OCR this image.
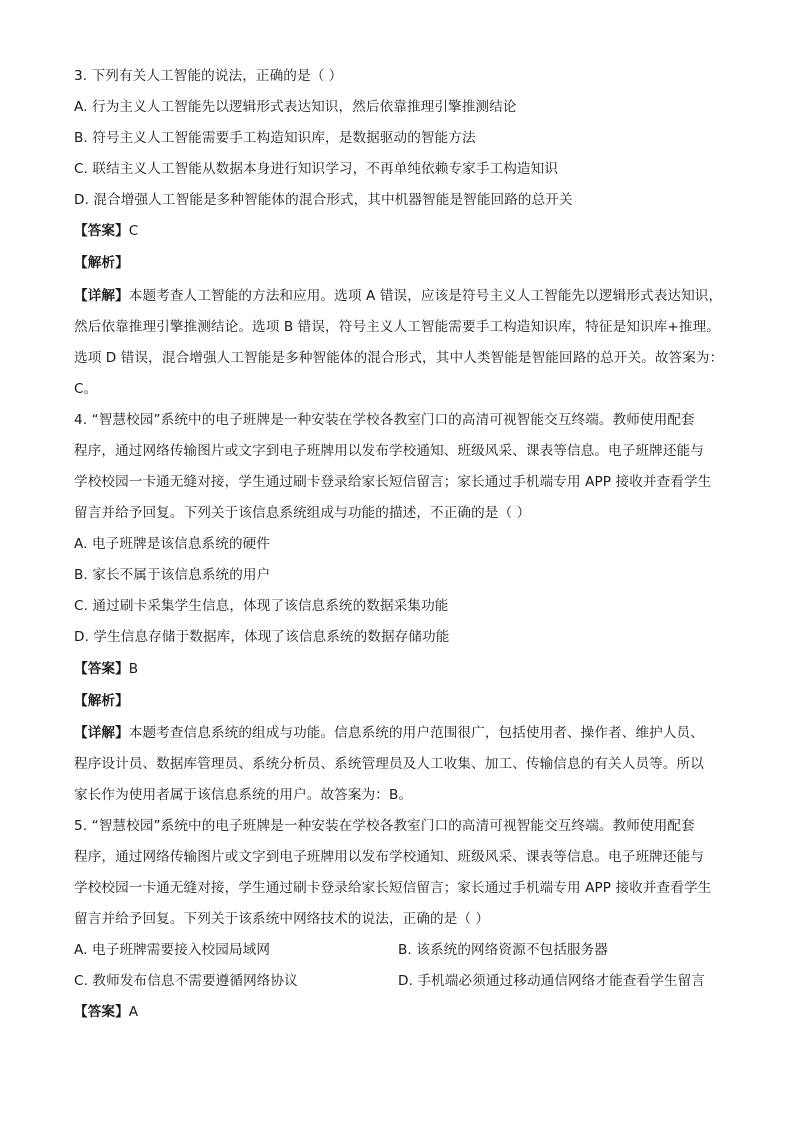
3. 下列有关人工智能的说法，正确的是（ ）
A. 行为主义人工智能先以逻辑形式表达知识，然后依靠推理引擎推测结论
B. 符号主义人工智能需要手工构造知识库，是数据驱动的智能方法
C. 联结主义人工智能从数据本身进行知识学习，不再单纯依赖专家手工构造知识
D. 混合增强人工智能是多种智能体的混合形式，其中机器智能是智能回路的总开关
【答案】C
【解析】
【详解】本题考查人工智能的方法和应用。选项 A 错误，应该是符号主义人工智能先以逻辑形式表达知识，
然后依靠推理引擎推测结论。选项 B 错误，符号主义人工智能需要手工构造知识库，特征是知识库+推理。
选项 D 错误，混合增强人工智能是多种智能体的混合形式，其中人类智能是智能回路的总开关。故答案为：
C。
4. “智慧校园”系统中的电子班牌是一种安装在学校各教室门口的高清可视智能交互终端。教师使用配套
程序，通过网络传输图片或文字到电子班牌用以发布学校通知、班级风采、课表等信息。电子班牌还能与
学校校园一卡通无缝对接，学生通过刷卡登录给家长短信留言；家长通过手机端专用 APP 接收并查看学生
留言并给予回复。下列关于该信息系统组成与功能的描述，不正确的是（ ）
A. 电子班牌是该信息系统的硬件
B. 家长不属于该信息系统的用户
C. 通过刷卡采集学生信息，体现了该信息系统的数据采集功能
D. 学生信息存储于数据库，体现了该信息系统的数据存储功能
【答案】B
【解析】
【详解】本题考查信息系统的组成与功能。信息系统的用户范围很广，包括使用者、操作者、维护人员、
程序设计员、数据库管理员、系统分析员、系统管理员及人工收集、加工、传输信息的有关人员等。所以
家长作为使用者属于该信息系统的用户。故答案为：B。
5. “智慧校园”系统中的电子班牌是一种安装在学校各教室门口的高清可视智能交互终端。教师使用配套
程序，通过网络传输图片或文字到电子班牌用以发布学校通知、班级风采、课表等信息。电子班牌还能与
学校校园一卡通无缝对接，学生通过刷卡登录给家长短信留言；家长通过手机端专用 APP 接收并查看学生
留言并给予回复。下列关于该系统中网络技术的说法，正确的是（ ）
A. 电子班牌需要接入校园局域网	B. 该系统的网络资源不包括服务器
C. 教师发布信息不需要遵循网络协议	D. 手机端必须通过移动通信网络才能查看学生留言
【答案】A
